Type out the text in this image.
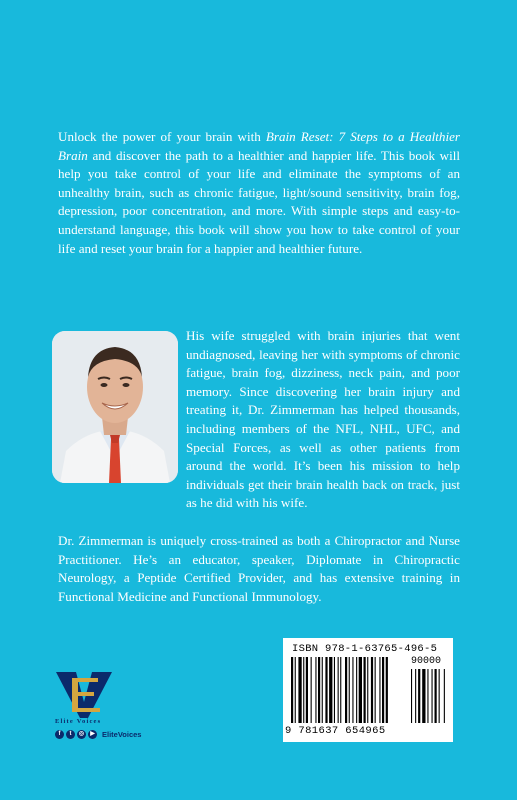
Unlock the power of your brain with Brain Reset: 7 Steps to a Healthier Brain and discover the path to a healthier and happier life. This book will help you take control of your life and eliminate the symptoms of an unhealthy brain, such as chronic fatigue, light/sound sensitivity, brain fog, depression, poor concentration, and more. With simple steps and easy-to-understand language, this book will show you how to take control of your life and reset your brain for a happier and healthier future.

His wife struggled with brain injuries that went undiagnosed, leaving her with symptoms of chronic fatigue, brain fog, dizziness, neck pain, and poor memory. Since discovering her brain injury and treating it, Dr. Zimmerman has helped thousands, including members of the NFL, NHL, UFC, and Special Forces, as well as other patients from around the world. It’s been his mission to help individuals get their brain health back on track, just as he did with his wife.

Dr. Zimmerman is uniquely cross-trained as both a Chiropractor and Nurse Practitioner. He’s an educator, speaker, Diplomate in Chiropractic Neurology, a Peptide Certified Provider, and has extensive training in Functional Medicine and Functional Immunology.

Elite Voices
f	t	◎	▶ EliteVoices
ISBN 978-1-63765-496-5
90000
9 781637 654965
